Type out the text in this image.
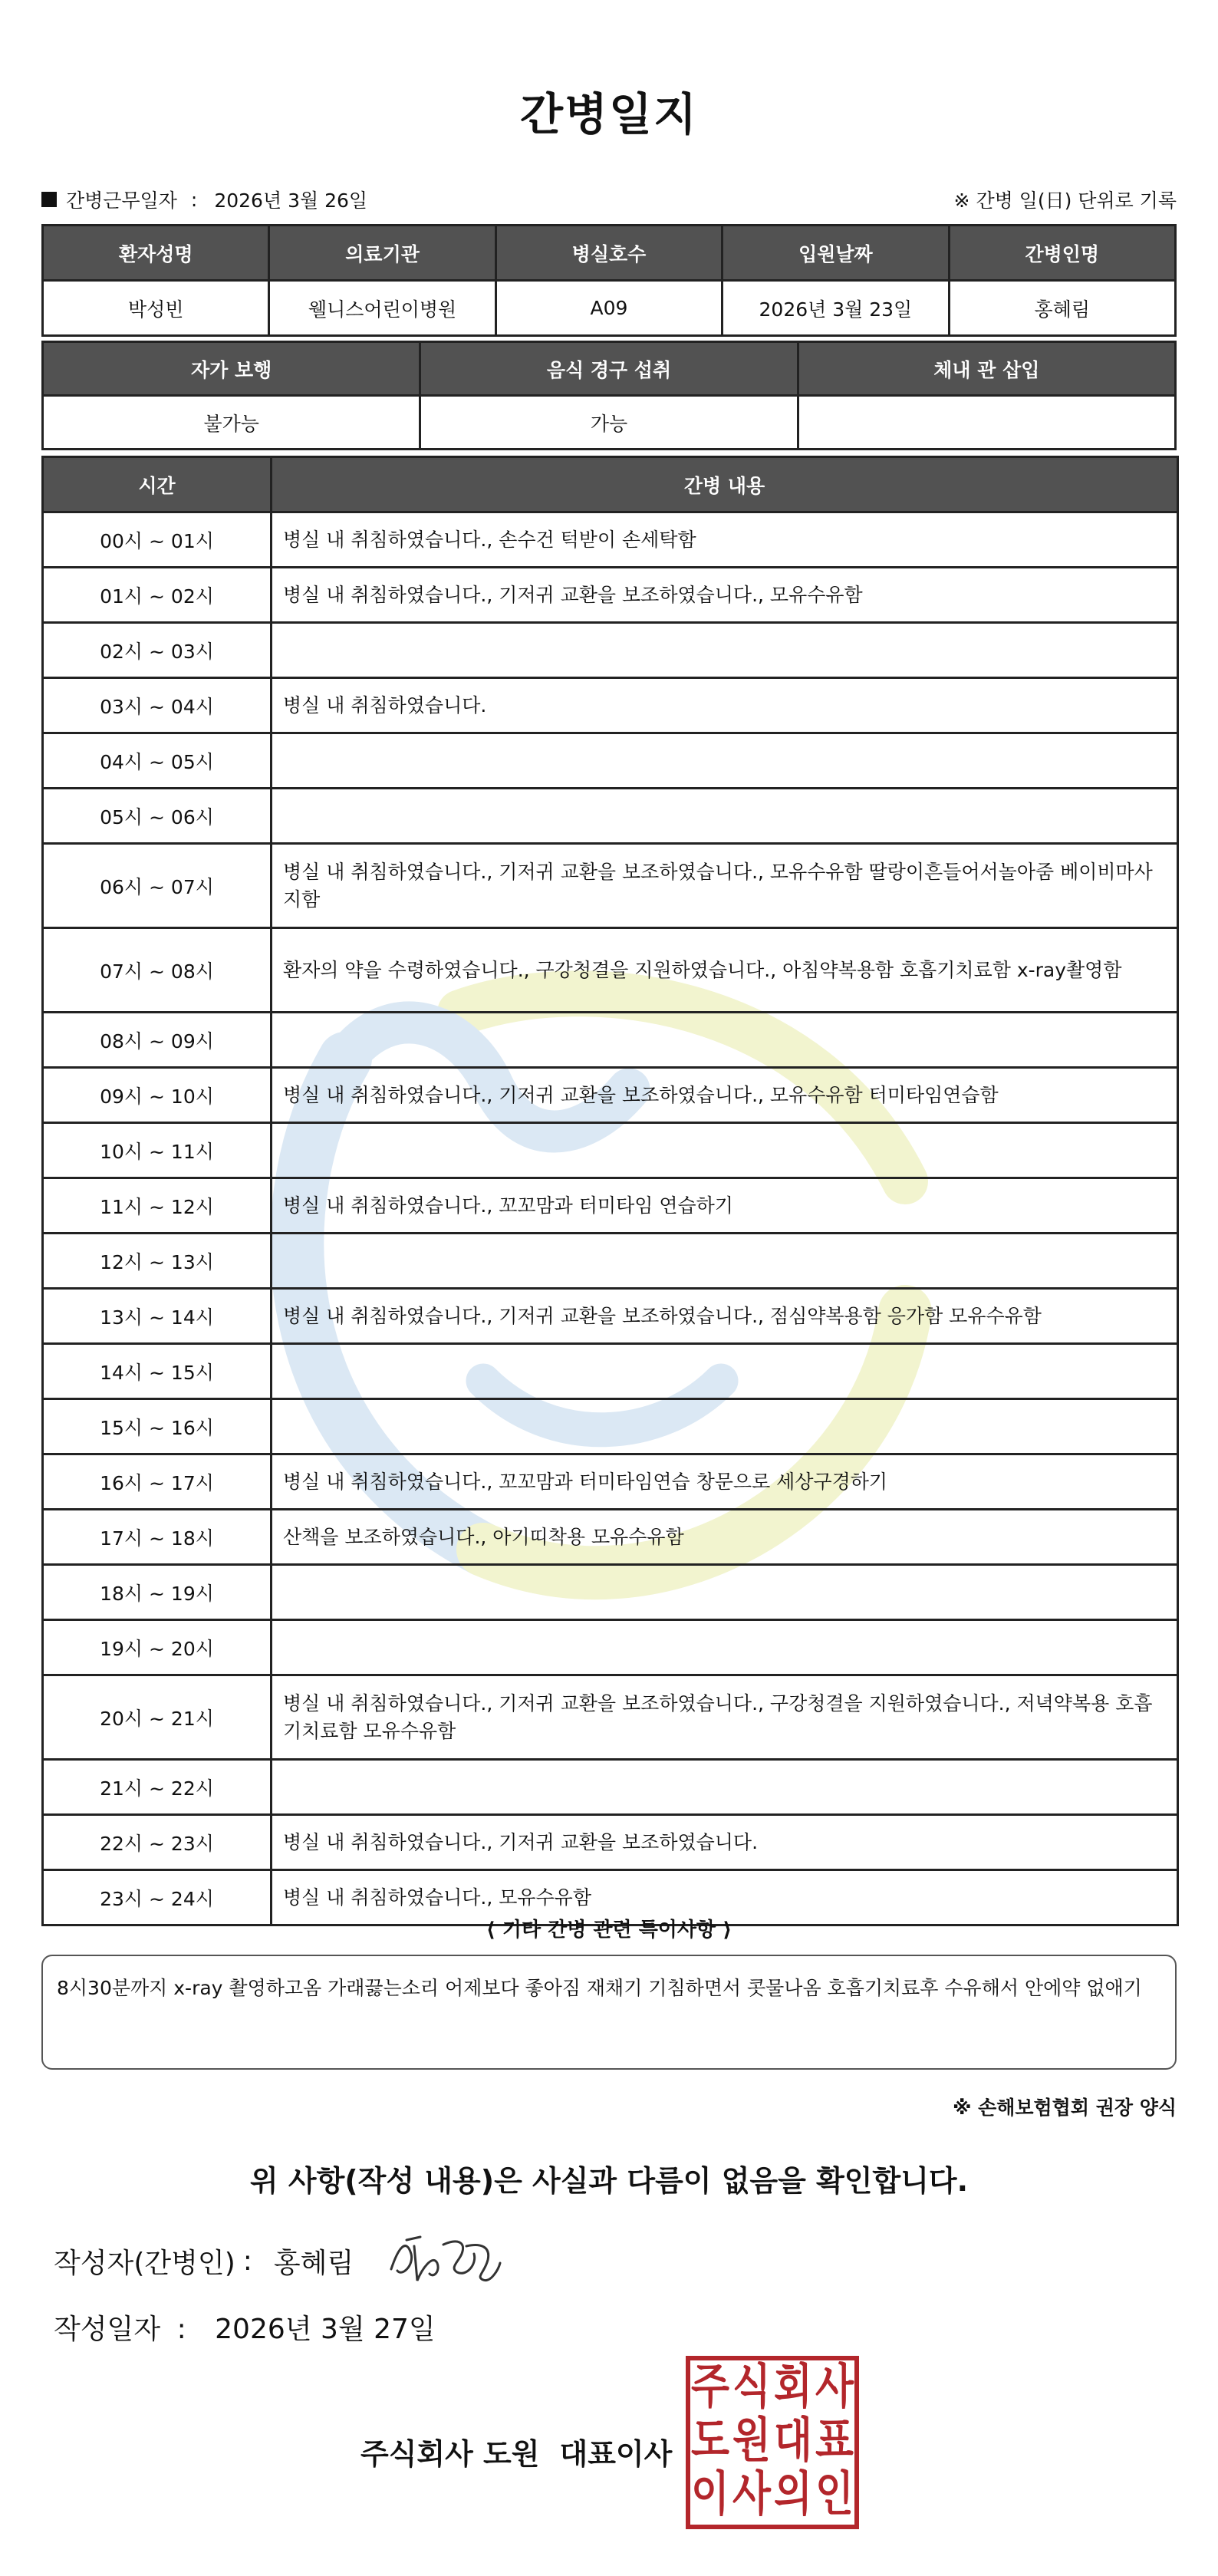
간병일지
간병근무일자 : 2026년 3월 26일	※ 간병 일(日) 단위로 기록
환자성명	의료기관	병실호수	입원날짜	간병인명
박성빈	웰니스어린이병원	A09	2026년 3월 23일	홍혜림
자가 보행	음식 경구 섭취	체내 관 삽입
불가능	가능	
시간	간병 내용
00시 ~ 01시	병실 내 취침하였습니다., 손수건 턱받이 손세탁함
01시 ~ 02시	병실 내 취침하였습니다., 기저귀 교환을 보조하였습니다., 모유수유함
02시 ~ 03시	
03시 ~ 04시	병실 내 취침하였습니다.
04시 ~ 05시	
05시 ~ 06시	
06시 ~ 07시	병실 내 취침하였습니다., 기저귀 교환을 보조하였습니다., 모유수유함 딸랑이흔들어서놀아줌 베이비마사지함
07시 ~ 08시	환자의 약을 수령하였습니다., 구강청결을 지원하였습니다., 아침약복용함 호흡기치료함 x-ray촬영함
08시 ~ 09시	
09시 ~ 10시	병실 내 취침하였습니다., 기저귀 교환을 보조하였습니다., 모유수유함 터미타임연습함
10시 ~ 11시	
11시 ~ 12시	병실 내 취침하였습니다., 꼬꼬맘과 터미타임 연습하기
12시 ~ 13시	
13시 ~ 14시	병실 내 취침하였습니다., 기저귀 교환을 보조하였습니다., 점심약복용함 응가함 모유수유함
14시 ~ 15시	
15시 ~ 16시	
16시 ~ 17시	병실 내 취침하였습니다., 꼬꼬맘과 터미타임연습 창문으로 세상구경하기
17시 ~ 18시	산책을 보조하였습니다., 아기띠착용 모유수유함
18시 ~ 19시	
19시 ~ 20시	
20시 ~ 21시	병실 내 취침하였습니다., 기저귀 교환을 보조하였습니다., 구강청결을 지원하였습니다., 저녁약복용 호흡기치료함 모유수유함
21시 ~ 22시	
22시 ~ 23시	병실 내 취침하였습니다., 기저귀 교환을 보조하였습니다.
23시 ~ 24시	병실 내 취침하였습니다., 모유수유함
⟨ 기타 간병 관련 특이사항 ⟩
8시30분까지 x-ray 촬영하고옴 가래끓는소리 어제보다 좋아짐 재채기 기침하면서 콧물나옴 호흡기치료후 수유해서 안에약 없애기
※ 손해보험협회 권장 양식
위 사항(작성 내용)은 사실과 다름이 없음을 확인합니다.
작성자(간병인) : 홍혜림
작성일자 : 2026년 3월 27일
주식회사 도원 대표이사
주 식 회 사
도 원 대 표
이 사 의 인
